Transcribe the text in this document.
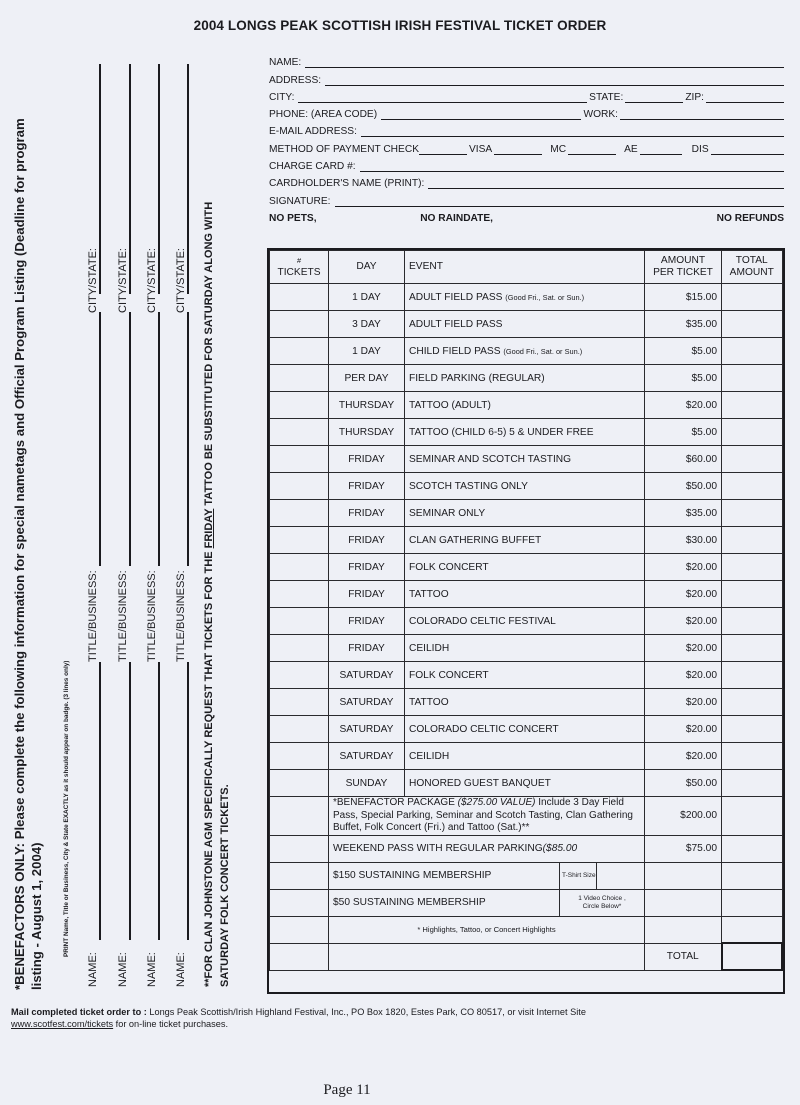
2004 LONGS PEAK SCOTTISH IRISH FESTIVAL TICKET ORDER
NAME:
ADDRESS:
CITY:	STATE:	ZIP:
PHONE: (AREA CODE)	WORK:
E-MAIL ADDRESS:
METHOD OF PAYMENT CHECK	VISA	MC	AE	DIS
CHARGE CARD #:
CARDHOLDER'S NAME (PRINT):
SIGNATURE:
NO PETS,	NO RAINDATE,	NO REFUNDS
#
TICKETS	DAY	EVENT	AMOUNT
PER TICKET	TOTAL
AMOUNT
	1 DAY	ADULT FIELD PASS (Good Fri., Sat. or Sun.)	$15.00	
	3 DAY	ADULT FIELD PASS	$35.00	
	1 DAY	CHILD FIELD PASS (Good Fri., Sat. or Sun.)	$5.00	
	PER DAY	FIELD PARKING (REGULAR)	$5.00	
	THURSDAY	TATTOO (ADULT)	$20.00	
	THURSDAY	TATTOO (CHILD 6-5) 5 & UNDER FREE	$5.00	
	FRIDAY	SEMINAR AND SCOTCH TASTING	$60.00	
	FRIDAY	SCOTCH TASTING ONLY	$50.00	
	FRIDAY	SEMINAR ONLY	$35.00	
	FRIDAY	CLAN GATHERING BUFFET	$30.00	
	FRIDAY	FOLK CONCERT	$20.00	
	FRIDAY	TATTOO	$20.00	
	FRIDAY	COLORADO CELTIC FESTIVAL	$20.00	
	FRIDAY	CEILIDH	$20.00	
	SATURDAY	FOLK CONCERT	$20.00	
	SATURDAY	TATTOO	$20.00	
	SATURDAY	COLORADO CELTIC CONCERT	$20.00	
	SATURDAY	CEILIDH	$20.00	
	SUNDAY	HONORED GUEST BANQUET	$50.00	
	*BENEFACTOR PACKAGE ($275.00 VALUE) Include 3 Day Field Pass, Special Parking, Seminar and Scotch Tasting, Clan Gathering Buffet, Folk Concert (Fri.) and Tattoo (Sat.)**		$200.00	
	WEEKEND PASS WITH REGULAR PARKING($85.00		$75.00	

	$150 SUSTAINING MEMBERSHIP T-Shirt Size			

	$50 SUSTAINING MEMBERSHIP 1 Video Choice , Circle Below*			

	* Highlights, Tattoo, or Concert Highlights			
			TOTAL	
Mail completed ticket order to : Longs Peak Scottish/Irish Highland Festival, Inc., PO Box 1820, Estes Park, CO 80517, or visit Internet Site
www.scotfest.com/tickets for on-line ticket purchases.
Page 11
*BENEFACTORS ONLY: Please complete the following information for special nametags and Official Program Listing (Deadline for program listing - August 1, 2004)	PRINT Name, Title or Business, City & State EXACTLY as it should appear on badge. (3 lines only)
NAME:
TITLE/BUSINESS:
CITY/STATE:
NAME:
TITLE/BUSINESS:
CITY/STATE:
NAME:
TITLE/BUSINESS:
CITY/STATE:
NAME:
TITLE/BUSINESS:
CITY/STATE:
**FOR CLAN JOHNSTONE AGM SPECIFICALLY REQUEST THAT TICKETS FOR THE FRIDAY TATTOO BE SUBSTITUTED FOR SATURDAY ALONG WITH
SATURDAY FOLK CONCERT TICKETS.
